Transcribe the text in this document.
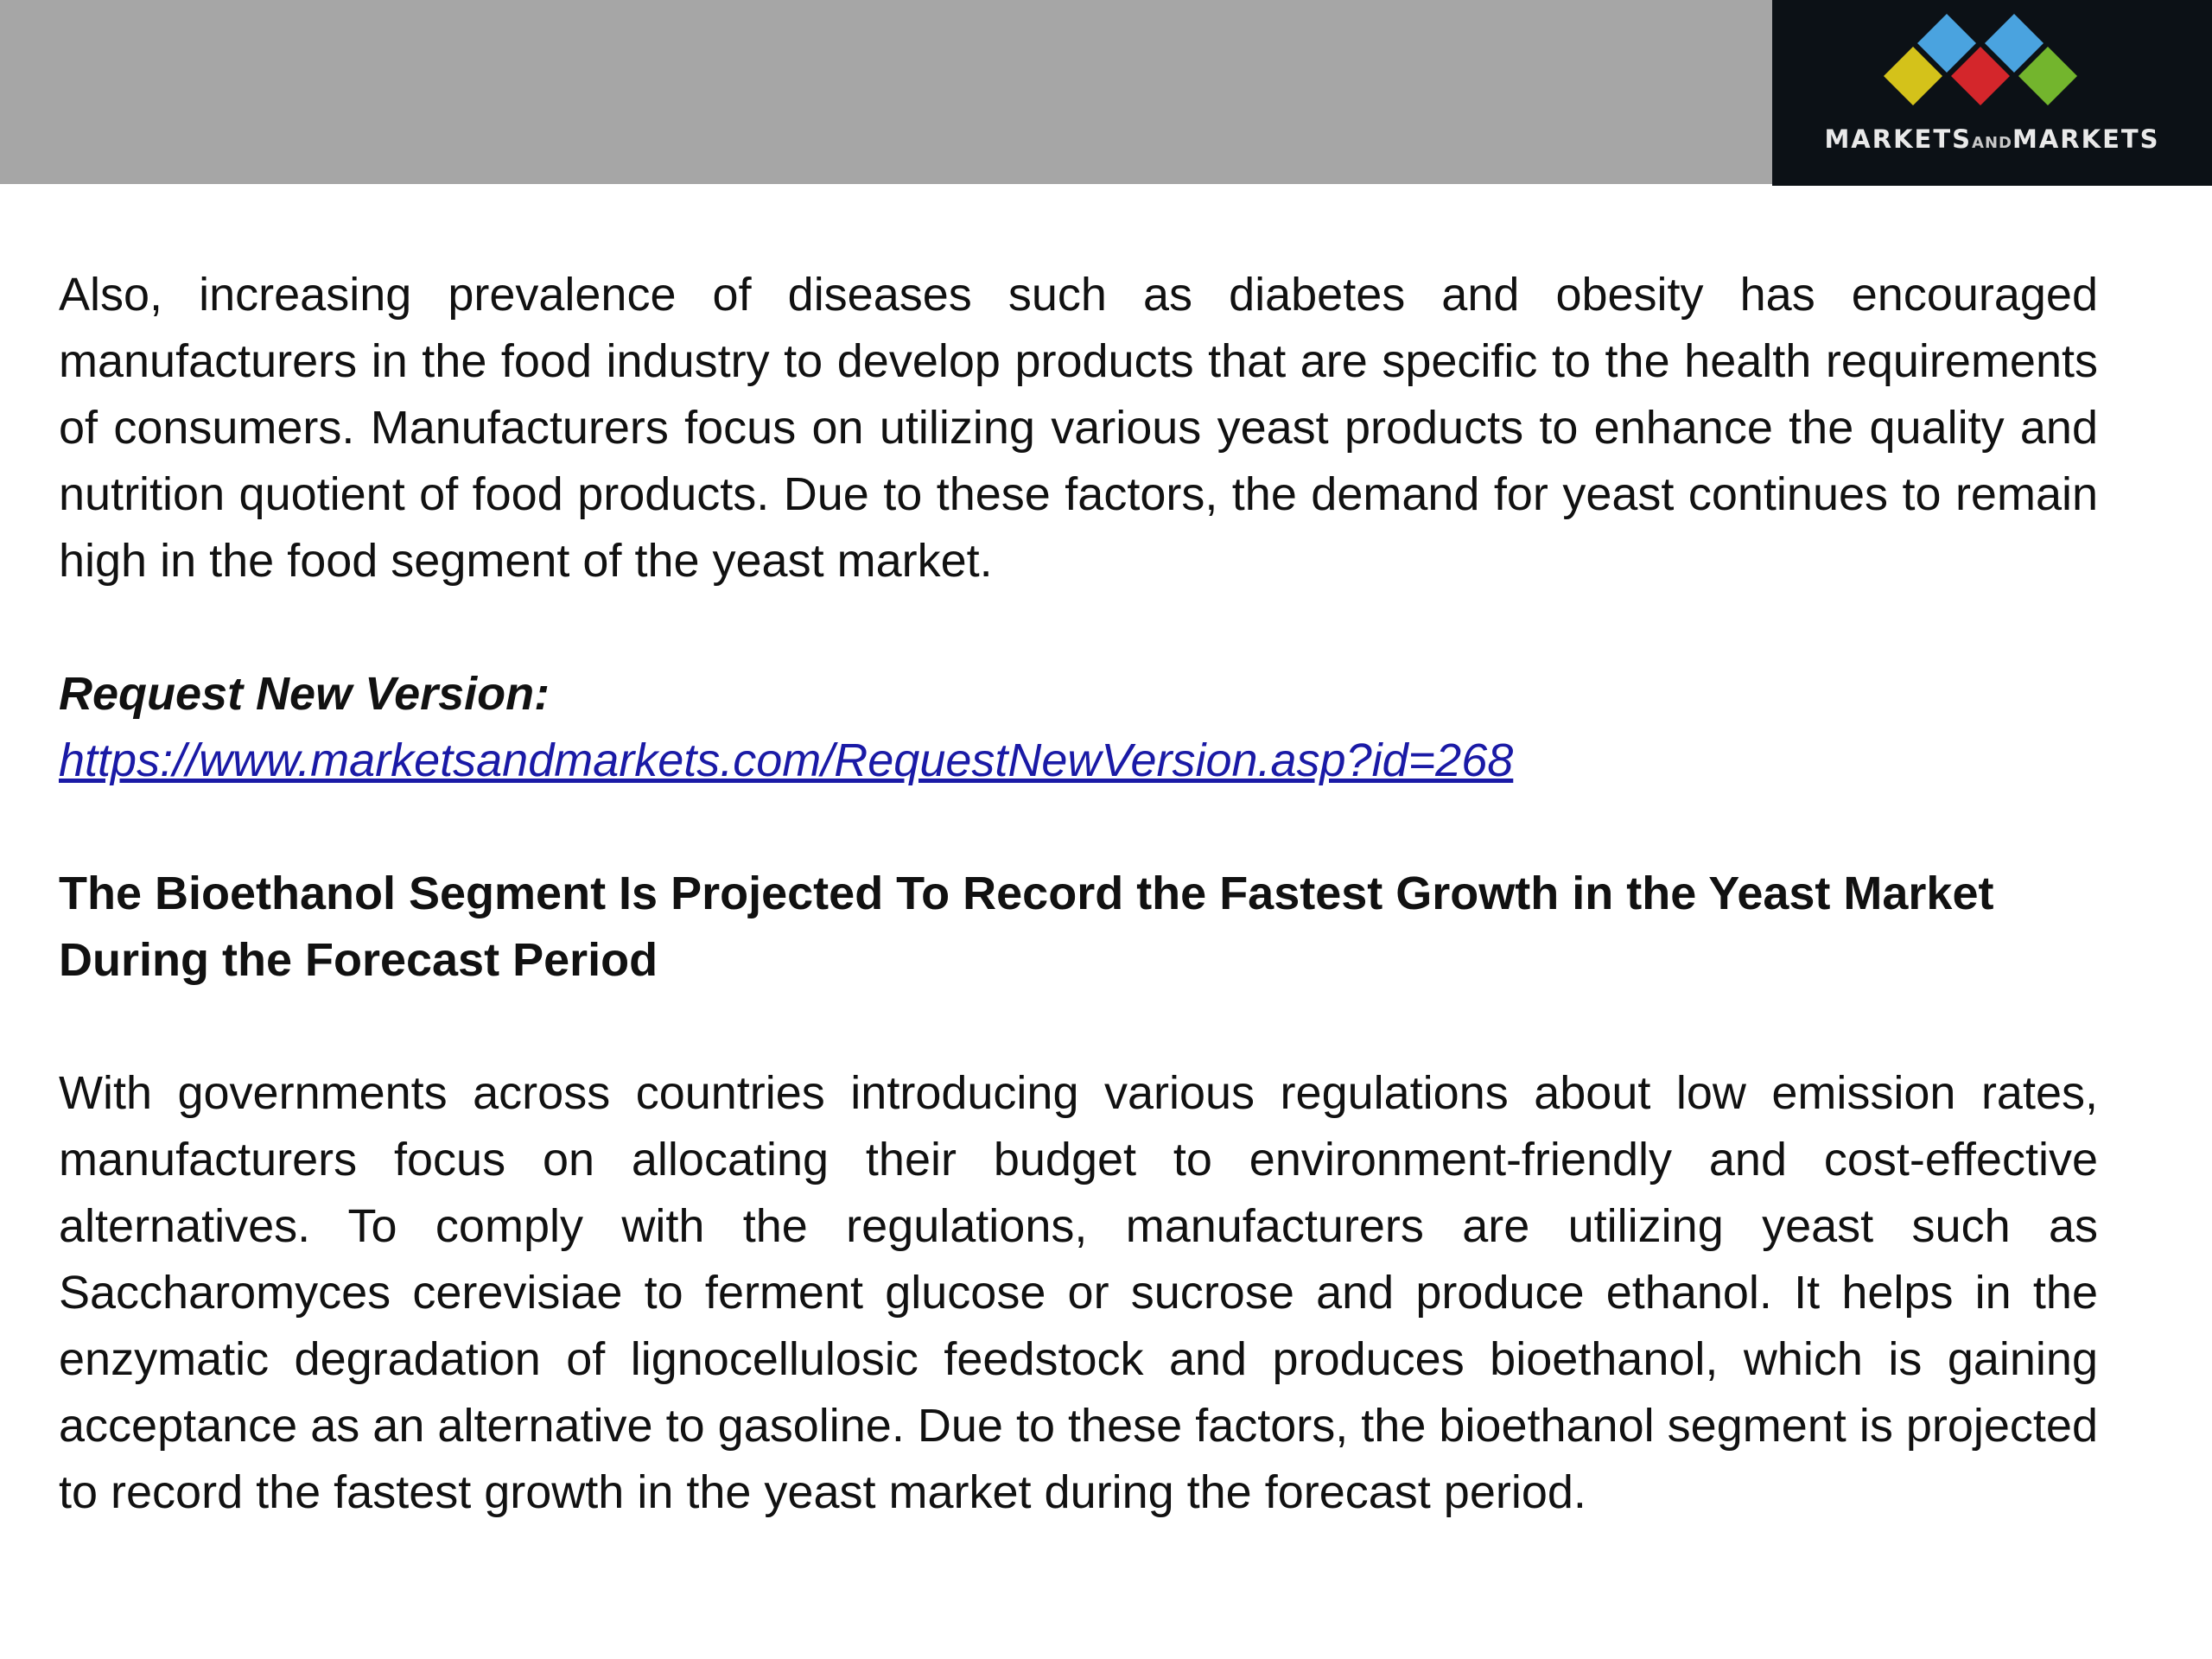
MARKETSANDMARKETS

Also, increasing prevalence of diseases such as diabetes and obesity has encouraged manufacturers in the food industry to develop products that are specific to the health requirements of consumers. Manufacturers focus on utilizing various yeast products to enhance the quality and nutrition quotient of food products. Due to these factors, the demand for yeast continues to remain high in the food segment of the yeast market.

Request New Version:

https://www.marketsandmarkets.com/RequestNewVersion.asp?id=268

The Bioethanol Segment Is Projected To Record the Fastest Growth in the Yeast Market During the Forecast Period

With governments across countries introducing various regulations about low emission rates, manufacturers focus on allocating their budget to environment-friendly and cost-effective alternatives. To comply with the regulations, manufacturers are utilizing yeast such as Saccharomyces cerevisiae to ferment glucose or sucrose and produce ethanol. It helps in the enzymatic degradation of lignocellulosic feedstock and produces bioethanol, which is gaining acceptance as an alternative to gasoline. Due to these factors, the bioethanol segment is projected to record the fastest growth in the yeast market during the forecast period.
